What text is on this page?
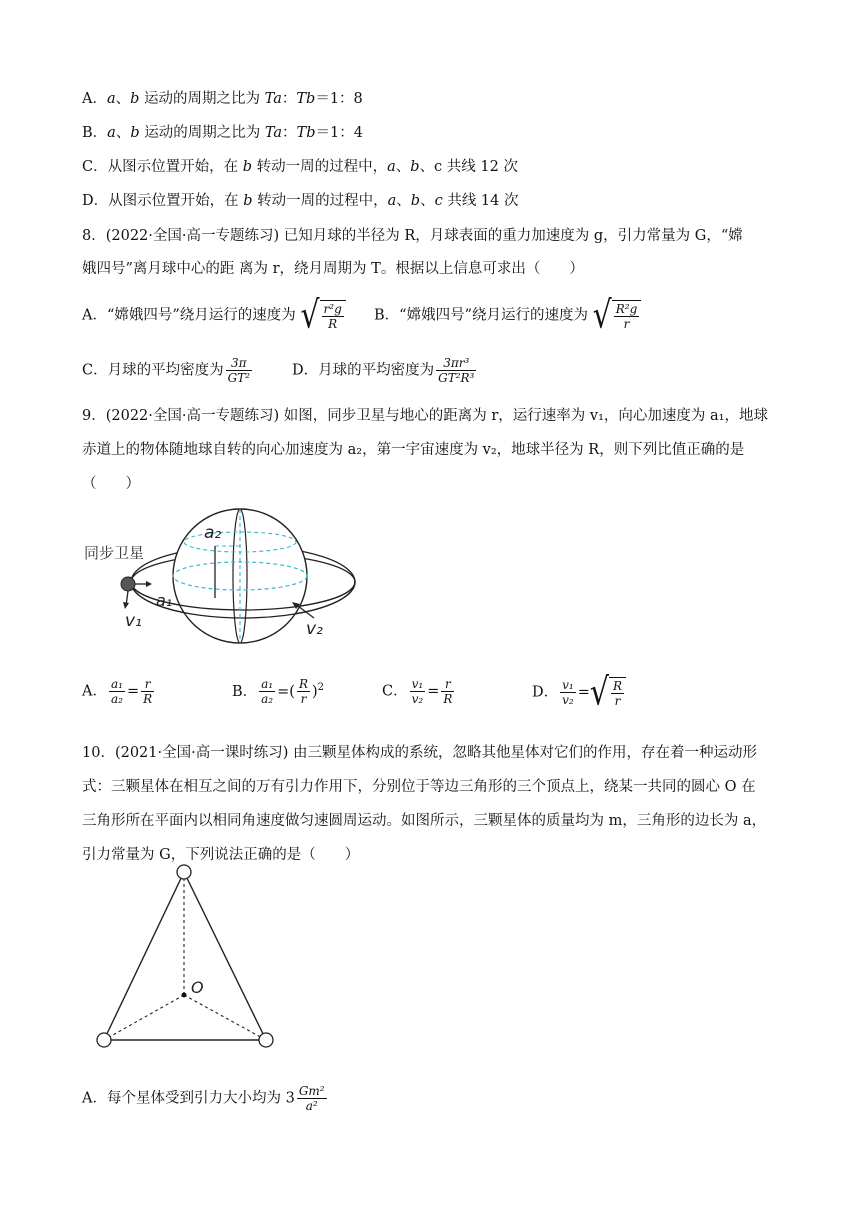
A．a、b 运动的周期之比为 Ta：Tb＝1：8
B．a、b 运动的周期之比为 Ta：Tb＝1：4
C．从图示位置开始，在 b 转动一周的过程中，a、b、c 共线 12 次
D．从图示位置开始，在 b 转动一周的过程中，a、b、c 共线 14 次
8．(2022·全国·高一专题练习) 已知月球的半径为 R，月球表面的重力加速度为 g，引力常量为 G，“嫦
娥四号”离月球中心的距 离为 r，绕月周期为 T。根据以上信息可求出（　　）
A．“嫦娥四号”绕月运行的速度为 √ $\frac{\text{r²g}}{R}$ B．“嫦娥四号”绕月运行的速度为 √ $\frac{\text{R²g}}{r}$
C．月球的平均密度为 $\frac{3\pi}{\text{GT²}}$	D．月球的平均密度为 $\frac{\text{3πr³}}{\text{GT²R³}}$
9．(2022·全国·高一专题练习) 如图，同步卫星与地心的距离为 r，运行速率为 v₁，向心加速度为 a₁，地球
赤道上的物体随地球自转的向心加速度为 a₂，第一宇宙速度为 v₂，地球半径为 R，则下列比值正确的是
（　　）
同步卫星
a₂
a₁
v₁	v₂
A． $\frac{\text{a₁}}{\text{a₂}} = \frac{r}{R}$	B． $\frac{\text{a₁}}{\text{a₂}}$ =( $\frac{R}{r} )^2$	C． $\frac{\text{v₁}}{\text{v₂}} = \frac{r}{R}$	D． $\frac{\text{v₁}}{\text{v₂}}$ = √ $\frac{R}{r}$
10．(2021·全国·高一课时练习) 由三颗星体构成的系统，忽略其他星体对它们的作用，存在着一种运动形
式：三颗星体在相互之间的万有引力作用下，分别位于等边三角形的三个顶点上，绕某一共同的圆心 O 在
三角形所在平面内以相同角速度做匀速圆周运动。如图所示，三颗星体的质量均为 m，三角形的边长为 a，
引力常量为 G，下列说法正确的是（　　）
O
A．每个星体受到引力大小均为 $3 \frac{\text{Gm²}}{\text{a²}}$
